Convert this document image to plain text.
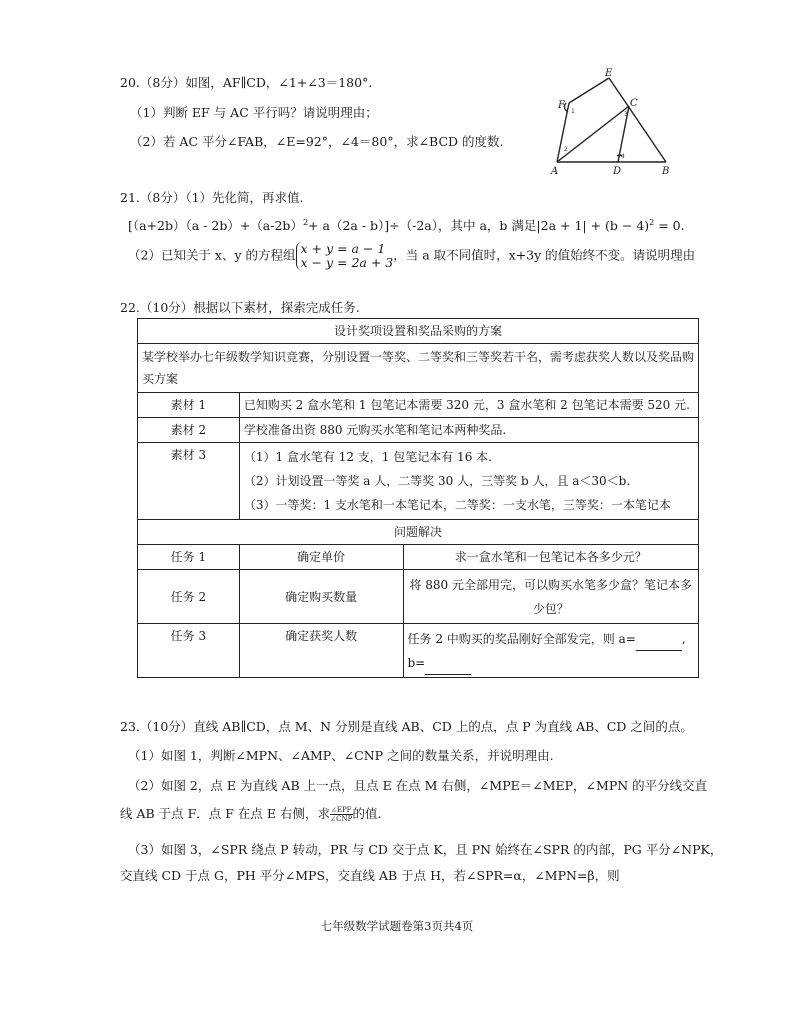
20.（8分）如图，AF∥CD，∠1+∠3＝180°．
（1）判断 EF 与 AC 平行吗？请说明理由；
（2）若 AC 平分∠FAB，∠E=92°，∠4＝80°，求∠BCD 的度数.
E
F	C
A	D	B
1
2
3
4
21.（8分）（1）先化简，再求值.
$[(a+2b)(a - 2b)+(a-2b)^2+ a(2a - b)]\div(-2a)$，其中 a，b 满足$|2a + 1| + (b - 4)^2 = 0$.
（2）已知关于 x、y 的方程组 x + y = a − 1
x − y = 2a + 3，当 a 取不同值时，x+3y 的值始终不变。请说明理由
22.（10分）根据以下素材，探索完成任务.
设计奖项设置和奖品采购的方案		
某学校举办七年级数学知识竞赛，分别设置一等奖、二等奖和三等奖若干名，需考虑获奖人数以及奖品购买方案		
素材 1	已知购买 2 盒水笔和 1 包笔记本需要 320 元，3 盒水笔和 2 包笔记本需要 520 元.	
素材 2	学校准备出资 880 元购买水笔和笔记本两种奖品.	
素材 3	（1）1 盒水笔有 12 支，1 包笔记本有 16 本.
（2）计划设置一等奖 a 人，二等奖 30 人，三等奖 b 人，且 a＜30＜b.
（3）一等奖：1 支水笔和一本笔记本，二等奖：一支水笔，三等奖：一本笔记本	

问题解决		
任务 1	确定单价	求一盒水笔和一包笔记本各多少元？
任务 2	确定购买数量	将 880 元全部用完，可以购买水笔多少盒？笔记本多少包？
任务 3	确定获奖人数	任务 2 中购买的奖品刚好全部发完，则 a= ,
b=
23.（10分）直线 AB∥CD，点 M、N 分别是直线 AB、CD 上的点，点 P 为直线 AB、CD 之间的点。
（1）如图 1，判断∠MPN、∠AMP、∠CNP 之间的数量关系，并说明理由.
（2）如图 2，点 E 为直线 AB 上一点，且点 E 在点 M 右侧，∠MPE＝∠MEP，∠MPN 的平分线交直
线 AB 于点 F．点 F 在点 E 右侧，求 $\frac{\text{∠EPF}}{\text{∠CNP}}$ 的值.
（3）如图 3，∠SPR 绕点 P 转动，PR 与 CD 交于点 K，且 PN 始终在∠SPR 的内部，PG 平分∠NPK，
交直线 CD 于点 G，PH 平分∠MPS，交直线 AB 于点 H，若∠SPR=α，∠MPN=β，则
七年级数学试题卷第3页共4页
